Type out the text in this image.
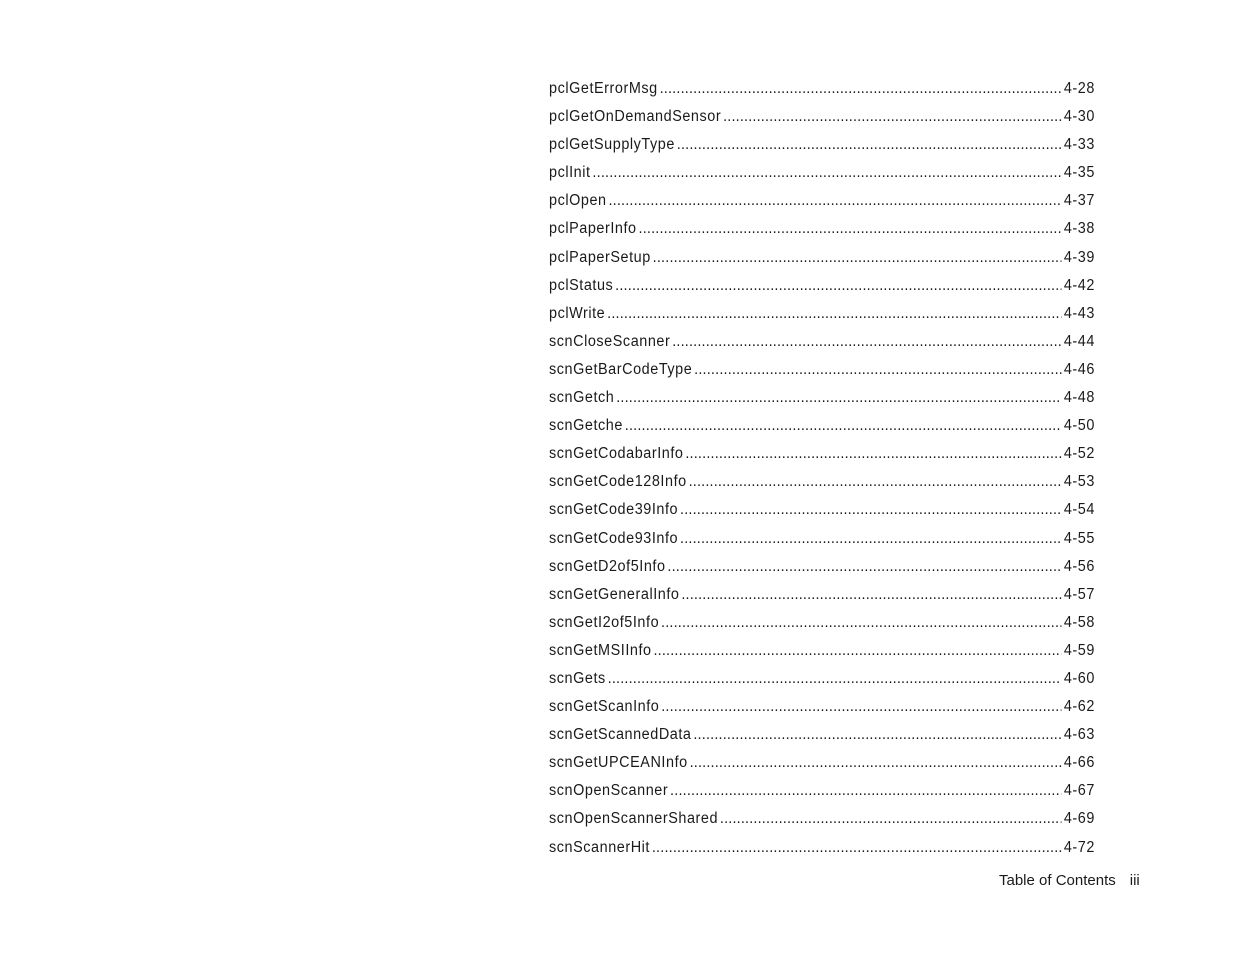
pclGetErrorMsg .....	4-28
pclGetOnDemandSensor .....	4-30
pclGetSupplyType .....	4-33
pclInit .....	4-35
pclOpen .....	4-37
pclPaperInfo .....	4-38
pclPaperSetup .....	4-39
pclStatus .....	4-42
pclWrite .....	4-43
scnCloseScanner .....	4-44
scnGetBarCodeType .....	4-46
scnGetch .....	4-48
scnGetche .....	4-50
scnGetCodabarInfo .....	4-52
scnGetCode128Info .....	4-53
scnGetCode39Info .....	4-54
scnGetCode93Info .....	4-55
scnGetD2of5Info .....	4-56
scnGetGeneralInfo .....	4-57
scnGetI2of5Info .....	4-58
scnGetMSIInfo .....	4-59
scnGets .....	4-60
scnGetScanInfo .....	4-62
scnGetScannedData .....	4-63
scnGetUPCEANInfo .....	4-66
scnOpenScanner .....	4-67
scnOpenScannerShared .....	4-69
scnScannerHit .....	4-72
Table of Contents iii
